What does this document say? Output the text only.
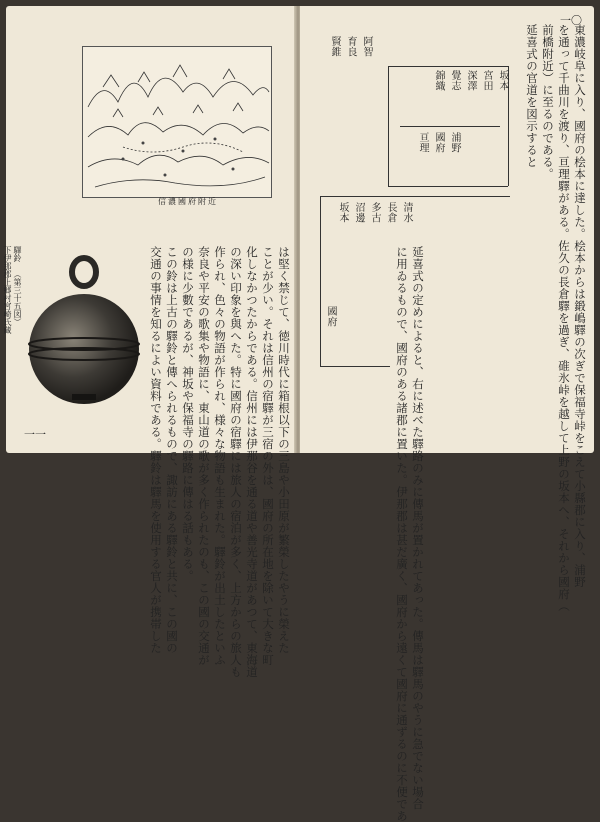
信濃國府附近
驛鈴
（第三十五図）
下伊那郡上郷村宮崎氏藏	は堅く禁じて、徳川時代に箱根以下の三島や小田原が繁榮したやうに榮えた
ことが少い。それは信州の宿驛が三宿の外は、國府の所在地を除いて大きな町
化しなかつたからである。信州には伊那谷を通る道や善光寺道があつて、東海道
の深い印象を與へた。特に國府の宿驛には旅人の宿泊が多く、上方からの旅人も
作られ、色々の物語が作られ、様々な物語も生まれた。驛鈴が出土したといふ
奈良や平安の歌集や物語に、東山道の歌が多く作られたのも、この國の交通が
の様に少數であるが、神坂や保福寺の驛路に傳はる話もある。
この鈴は上古の驛鈴と傳へられるもので、諏訪にある驛鈴と共に、この國の
交通の事情を知るによい資料である。驛鈴は驛馬を使用する官人が携帯した
一一	東濃岐阜に入り、國府の桧本に達した。桧本からは鍛嶋驛の次ぎで保福寺峠をこえて小縣郡に入り、浦野
を通って千曲川を渡り、亘理驛がある。佐久の長倉驛を過ぎ、碓氷峠を越して上野の坂本へ、それから國府（
前橋附近）に至るのである。
延喜式の官道を図示すると
坂本
宮田
深澤
覺志
錦織
浦野
國府
亘理
阿智
育良
賢錐
清水
長倉
多古
沼邊
坂本
國府	延喜式の定めによると、右に述べた驛路のみに傳馬が置かれてあった。傳馬は驛馬のやうに急でない場合
に用ゐるもので、國府のある諸郡に置いた。伊那郡は甚だ廣く、國府から遠くて國府に通ずるのに不便であ
一〇
